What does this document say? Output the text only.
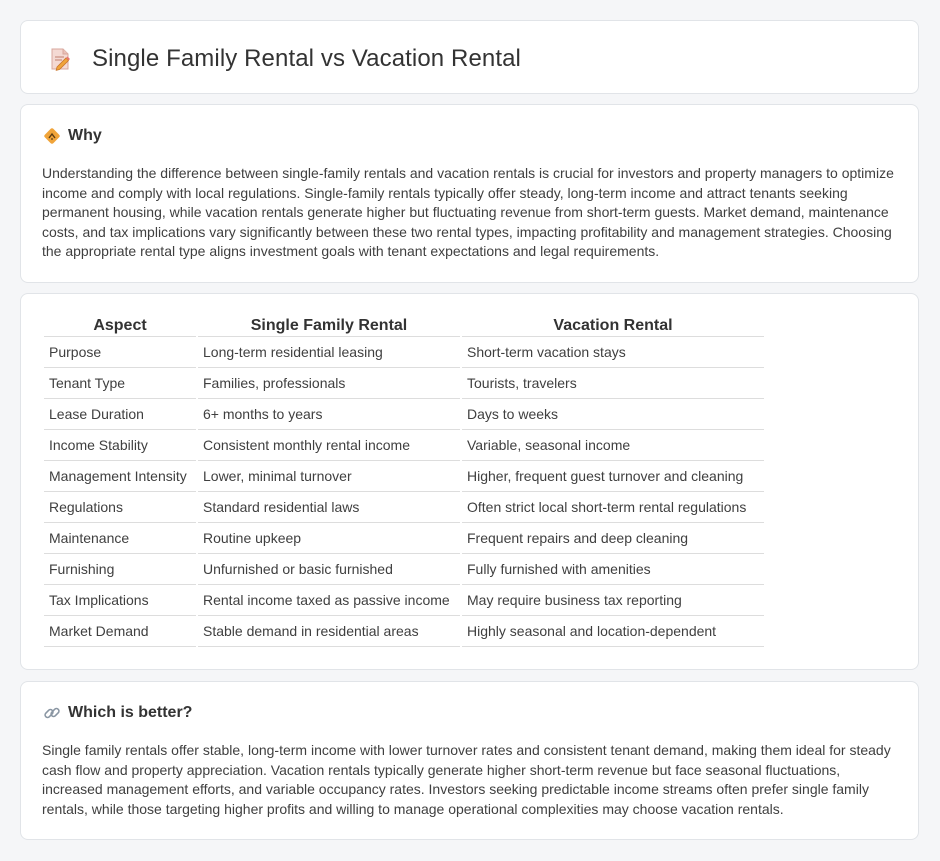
Single Family Rental vs Vacation Rental
Why

Understanding the difference between single-family rentals and vacation rentals is crucial for investors and property managers to optimize income and comply with local regulations. Single-family rentals typically offer steady, long-term income and attract tenants seeking permanent housing, while vacation rentals generate higher but fluctuating revenue from short-term guests. Market demand, maintenance costs, and tax implications vary significantly between these two rental types, impacting profitability and management strategies. Choosing the appropriate rental type aligns investment goals with tenant expectations and legal requirements.

Aspect	Single Family Rental	Vacation Rental
Purpose	Long-term residential leasing	Short-term vacation stays
Tenant Type	Families, professionals	Tourists, travelers
Lease Duration	6+ months to years	Days to weeks
Income Stability	Consistent monthly rental income	Variable, seasonal income
Management Intensity	Lower, minimal turnover	Higher, frequent guest turnover and cleaning
Regulations	Standard residential laws	Often strict local short-term rental regulations
Maintenance	Routine upkeep	Frequent repairs and deep cleaning
Furnishing	Unfurnished or basic furnished	Fully furnished with amenities
Tax Implications	Rental income taxed as passive income	May require business tax reporting
Market Demand	Stable demand in residential areas	Highly seasonal and location-dependent
Which is better?

Single family rentals offer stable, long-term income with lower turnover rates and consistent tenant demand, making them ideal for steady cash flow and property appreciation. Vacation rentals typically generate higher short-term revenue but face seasonal fluctuations, increased management efforts, and variable occupancy rates. Investors seeking predictable income streams often prefer single family rentals, while those targeting higher profits and willing to manage operational complexities may choose vacation rentals.
